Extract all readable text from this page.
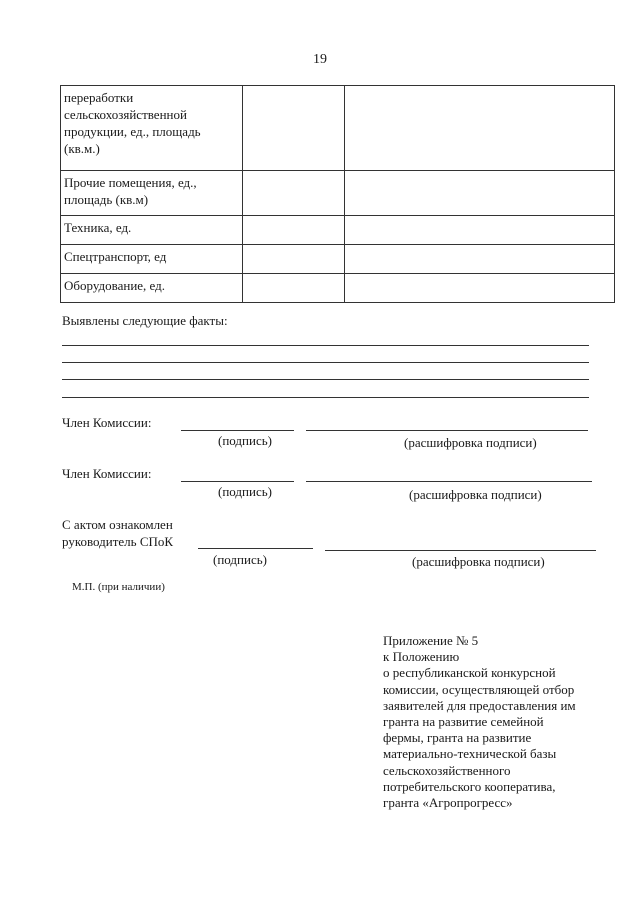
19
переработки сельскохозяйственной продукции, ед., площадь (кв.м.)		
Прочие помещения, ед., площадь (кв.м)		
Техника, ед.		
Спецтранспорт, ед		
Оборудование, ед.		
Выявлены следующие факты:
Член Комиссии:
(подпись)	(расшифровка подписи)
Член Комиссии:
(подпись)	(расшифровка подписи)
С актом ознакомлен
руководитель СПоК
(подпись)	(расшифровка подписи)
М.П. (при наличии)
Приложение № 5
к Положению
о республиканской конкурсной
комиссии, осуществляющей отбор
заявителей для предоставления им
гранта на развитие семейной
фермы, гранта на развитие
материально-технической базы
сельскохозяйственного
потребительского кооператива,
гранта «Агропрогресс»
